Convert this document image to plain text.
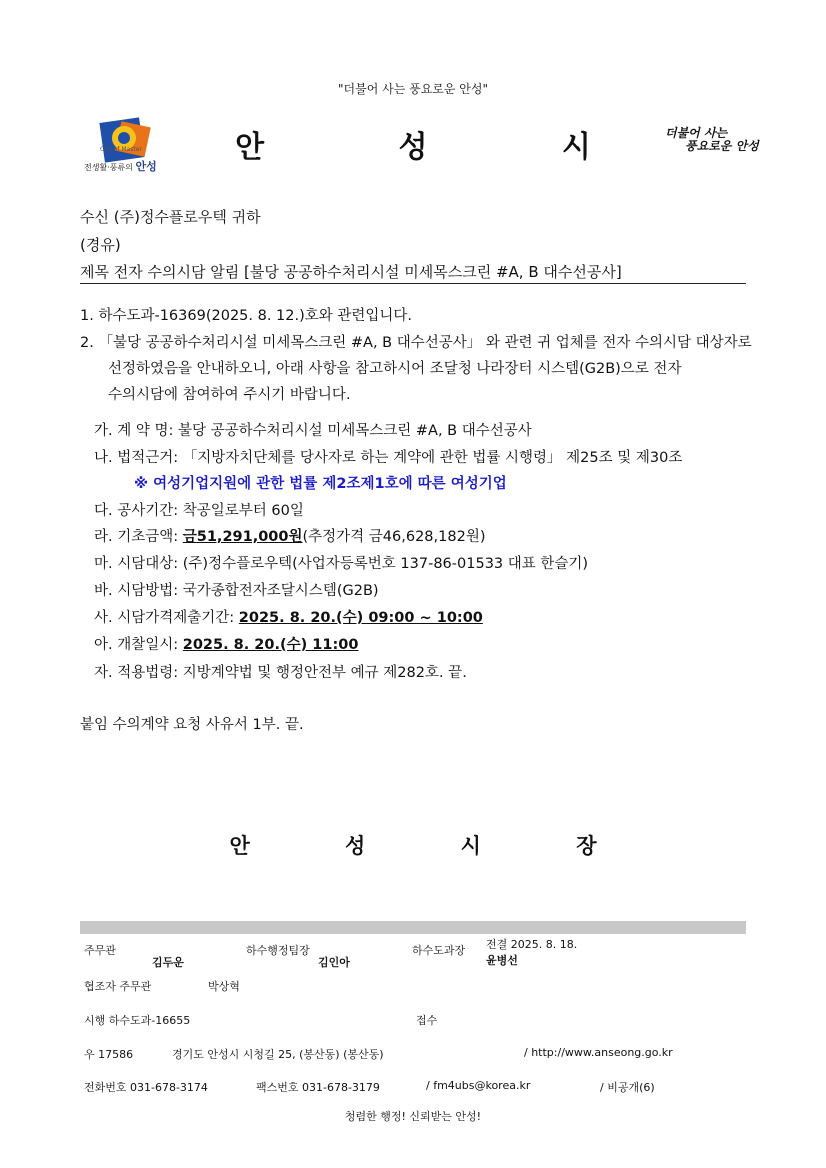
"더불어 사는 풍요로운 안성"
전생활·풍류의 안성
City of Master	안 성 시	더불어 사는
풍요로운 안성
수신 (주)정수플로우텍 귀하
(경유)
제목 전자 수의시담 알림 [불당 공공하수처리시설 미세목스크린 #A, B 대수선공사]
1. 하수도과-16369(2025. 8. 12.)호와 관련입니다.
2. 「불당 공공하수처리시설 미세목스크린 #A, B 대수선공사」 와 관련 귀 업체를 전자 수의시담 대상자로
선정하였음을 안내하오니, 아래 사항을 참고하시어 조달청 나라장터 시스템(G2B)으로 전자
수의시담에 참여하여 주시기 바랍니다.
가. 계 약 명: 불당 공공하수처리시설 미세목스크린 #A, B 대수선공사
나. 법적근거: 「지방자치단체를 당사자로 하는 계약에 관한 법률 시행령」 제25조 및 제30조
※ 여성기업지원에 관한 법률 제2조제1호에 따른 여성기업
다. 공사기간: 착공일로부터 60일
라. 기초금액: 금51,291,000원(추정가격 금46,628,182원)
마. 시담대상: (주)정수플로우텍(사업자등록번호 137-86-01533 대표 한슬기)
바. 시담방법: 국가종합전자조달시스템(G2B)
사. 시담가격제출기간: 2025. 8. 20.(수) 09:00 ~ 10:00
아. 개찰일시: 2025. 8. 20.(수) 11:00
자. 적용법령: 지방계약법 및 행정안전부 예규 제282호. 끝.
붙임 수의계약 요청 사유서 1부. 끝.
안 성 시 장
주무관
김두운
하수행정팀장
김인아
하수도과장 전결 2025. 8. 18.
윤병선
협조자 주무관	박상혁
시행 하수도과-16655	접수
우 17586	경기도 안성시 시청길 25, (봉산동) (봉산동)	/ http://www.anseong.go.kr
전화번호 031-678-3174	팩스번호 031-678-3179	/ fm4ubs@korea.kr	/ 비공개(6)
청렴한 행정! 신뢰받는 안성!
